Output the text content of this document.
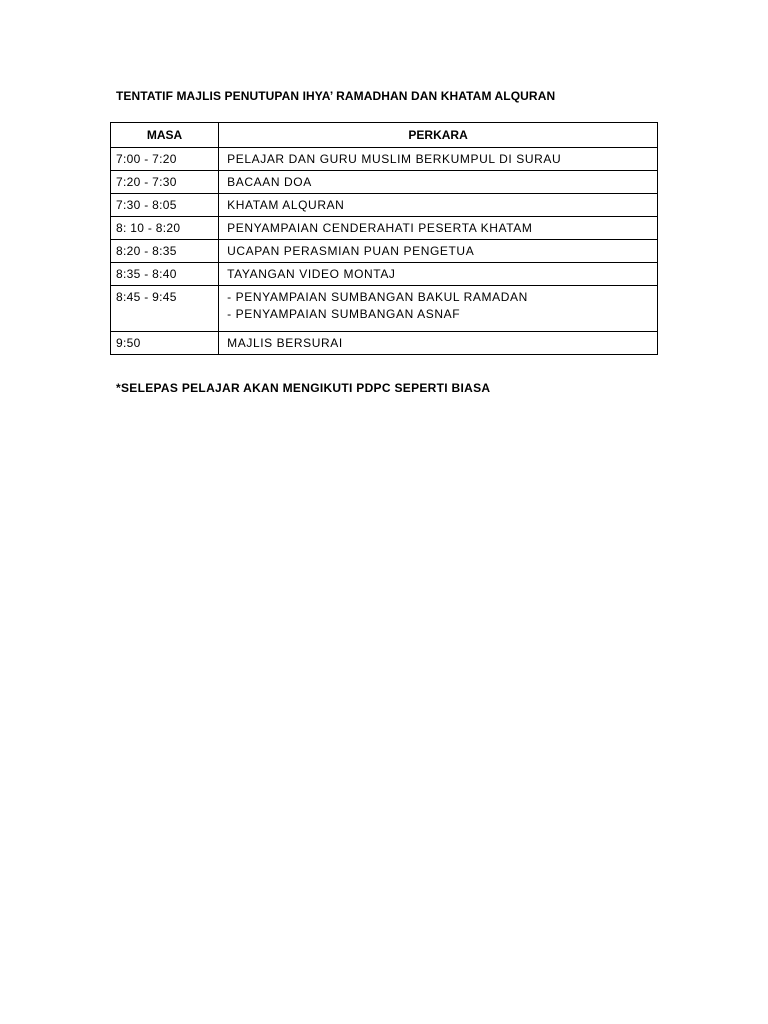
TENTATIF MAJLIS PENUTUPAN IHYA’ RAMADHAN DAN KHATAM ALQURAN
MASA	PERKARA
7:00 - 7:20	PELAJAR DAN GURU MUSLIM BERKUMPUL DI SURAU

7:20 - 7:30	BACAAN DOA

7:30 - 8:05	KHATAM ALQURAN

8: 10 - 8:20	PENYAMPAIAN CENDERAHATI PESERTA KHATAM

8:20 - 8:35	UCAPAN PERASMIAN PUAN PENGETUA

8:35 - 8:40	TAYANGAN VIDEO MONTAJ

8:45 - 9:45	- PENYAMPAIAN SUMBANGAN BAKUL RAMADAN
- PENYAMPAIAN SUMBANGAN ASNAF

9:50	MAJLIS BERSURAI
*SELEPAS PELAJAR AKAN MENGIKUTI PDPC SEPERTI BIASA
